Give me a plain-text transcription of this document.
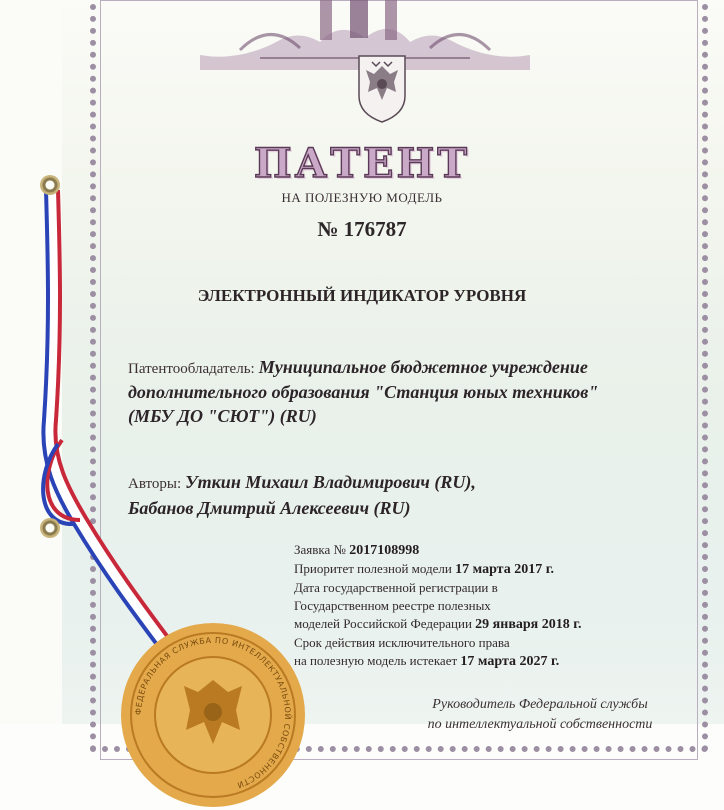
ПАТЕНТ
НА ПОЛЕЗНУЮ МОДЕЛЬ
№ 176787
ЭЛЕКТРОННЫЙ ИНДИКАТОР УРОВНЯ
Патентообладатель: Муниципальное бюджетное учреждение
дополнительного образования "Станция юных техников"
(МБУ ДО "СЮТ") (RU)
Авторы: Уткин Михаил Владимирович (RU),
Бабанов Дмитрий Алексеевич (RU)
Заявка № 2017108998
Приоритет полезной модели 17 марта 2017 г.
Дата государственной регистрации в
Государственном реестре полезных
моделей Российской Федерации 29 января 2018 г.
Срок действия исключительного права
на полезную модель истекает 17 марта 2027 г.
Руководитель Федеральной службы
по интеллектуальной собственности
ФЕДЕРАЛЬНАЯ СЛУЖБА ПО ИНТЕЛЛЕКТУАЛЬНОЙ СОБСТВЕННОСТИ
